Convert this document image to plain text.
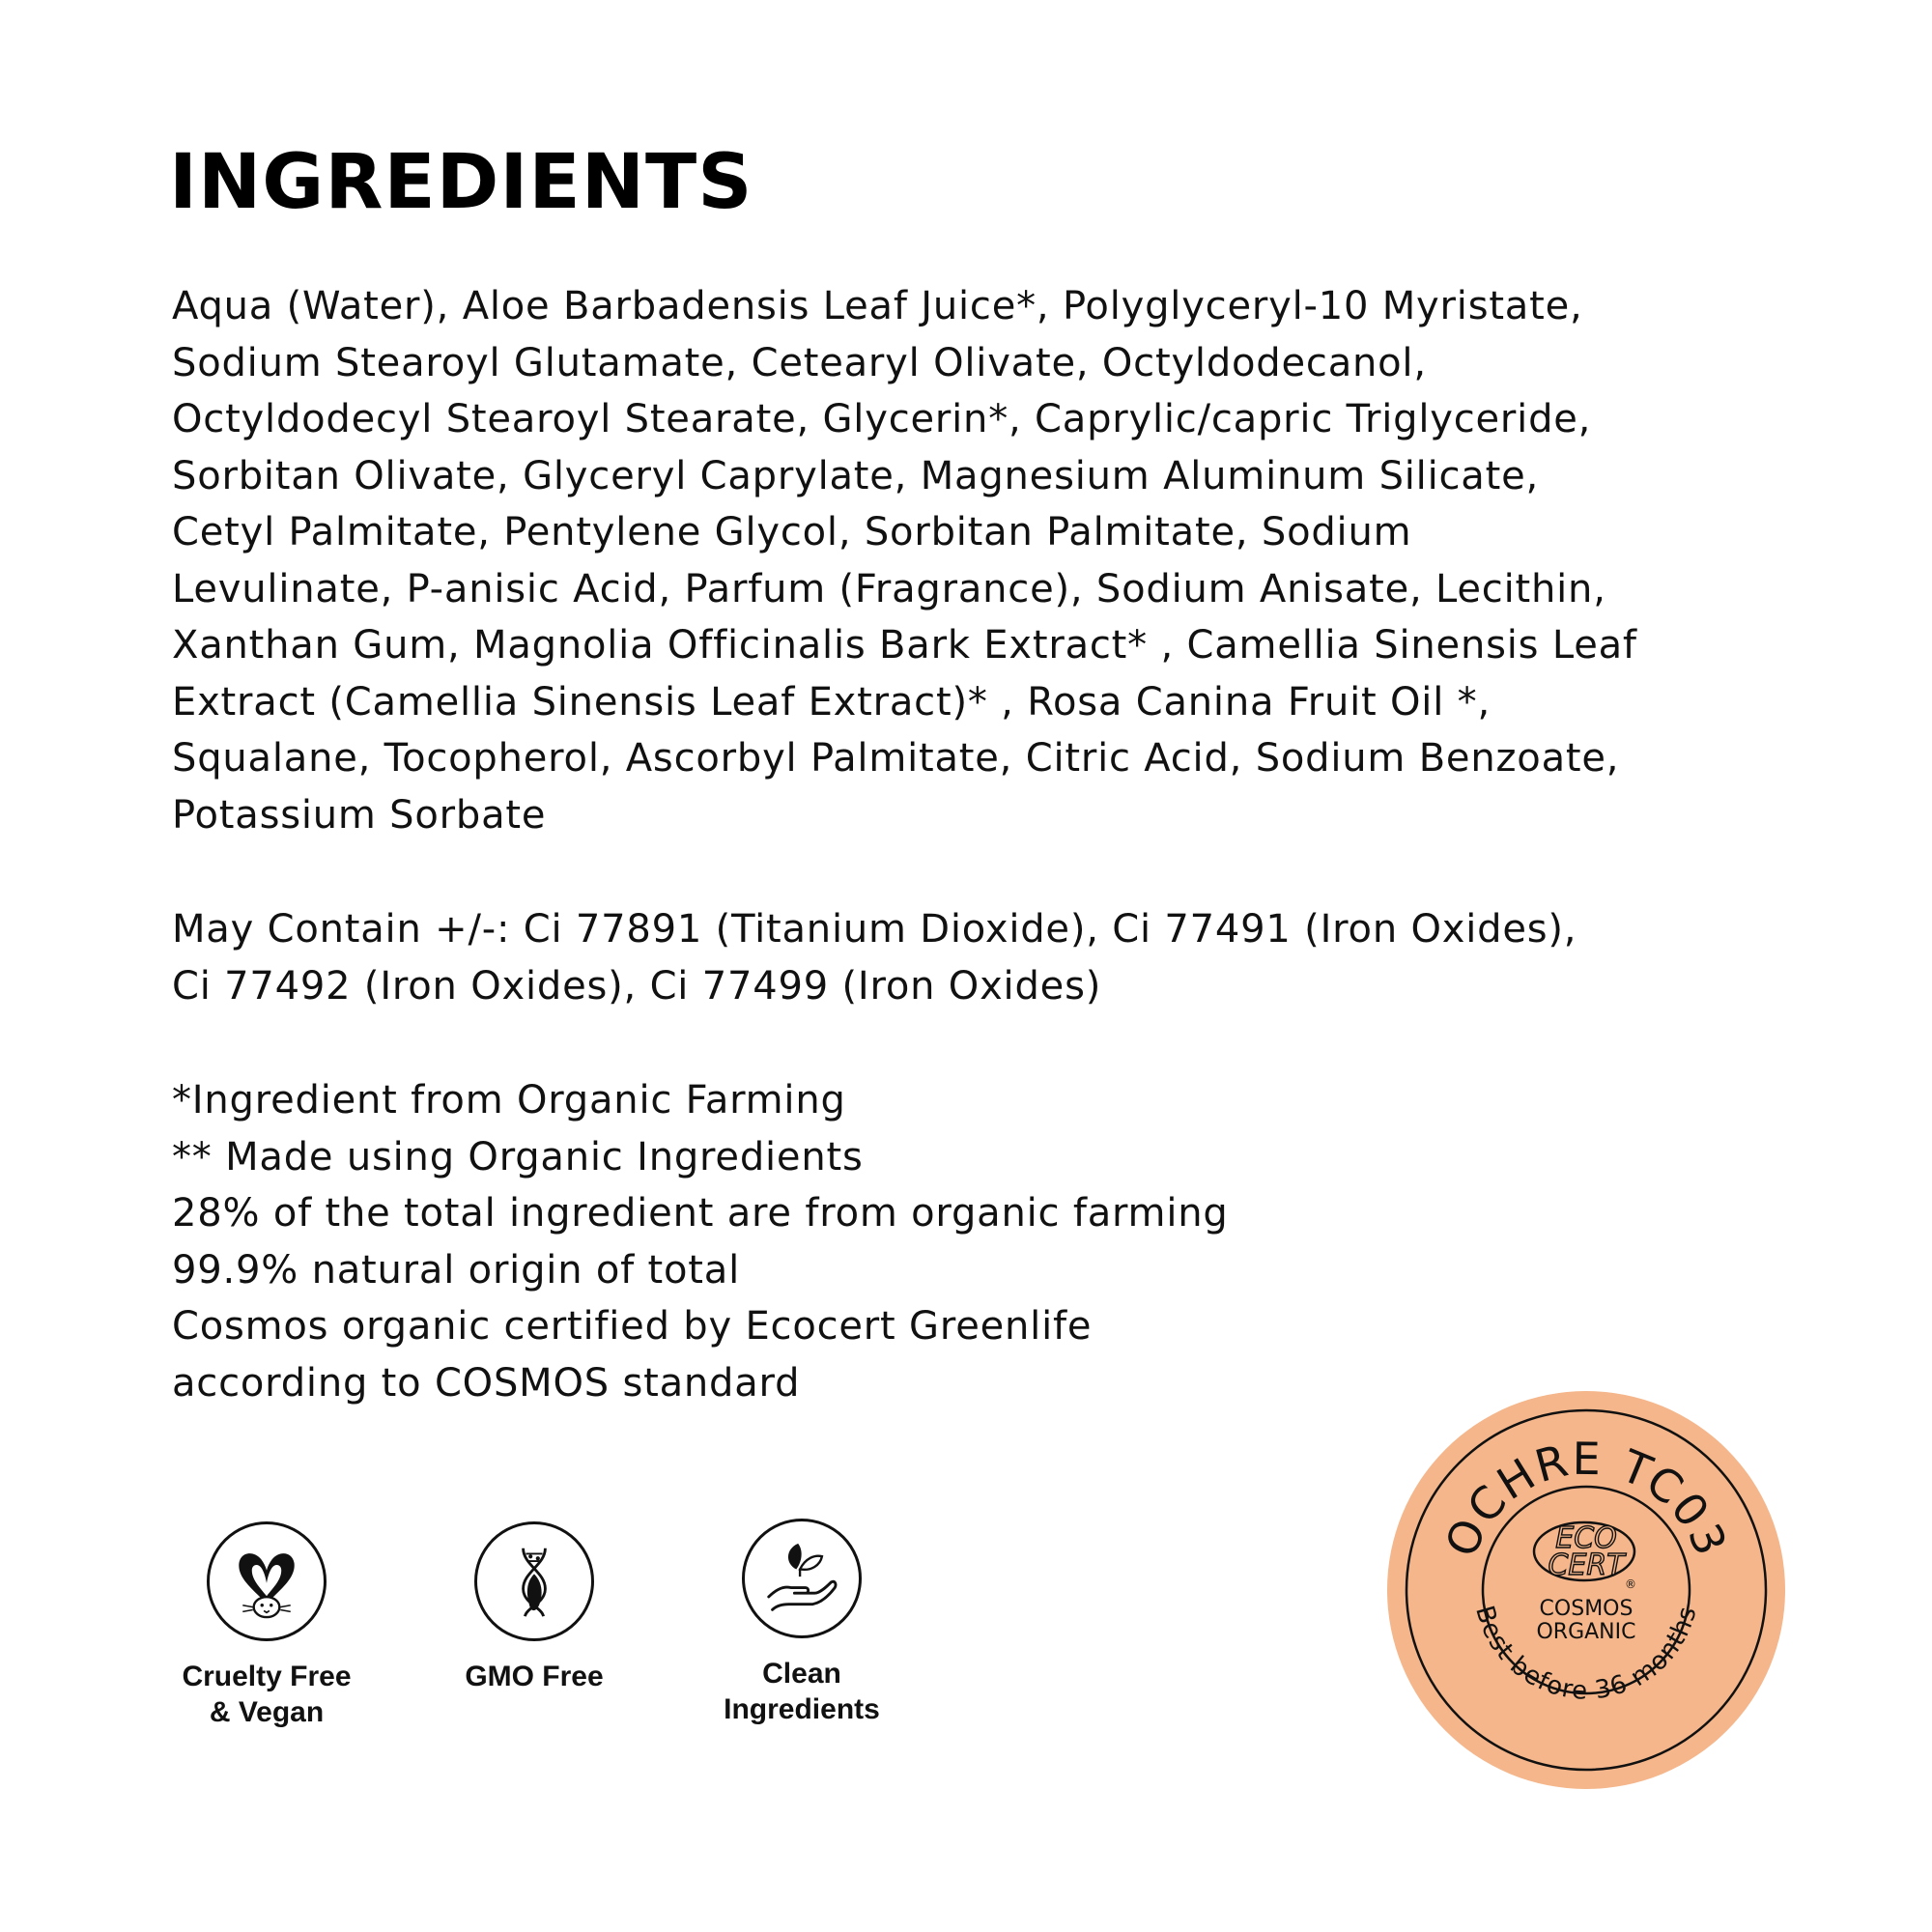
INGREDIENTS

Aqua (Water), Aloe Barbadensis Leaf Juice*, Polyglyceryl-10 Myristate,
Sodium Stearoyl Glutamate, Cetearyl Olivate, Octyldodecanol,
Octyldodecyl Stearoyl Stearate, Glycerin*, Caprylic/capric Triglyceride,
Sorbitan Olivate, Glyceryl Caprylate, Magnesium Aluminum Silicate,
Cetyl Palmitate, Pentylene Glycol, Sorbitan Palmitate, Sodium
Levulinate, P-anisic Acid, Parfum (Fragrance), Sodium Anisate, Lecithin,
Xanthan Gum, Magnolia Officinalis Bark Extract* , Camellia Sinensis Leaf
Extract (Camellia Sinensis Leaf Extract)* , Rosa Canina Fruit Oil *,
Squalane, Tocopherol, Ascorbyl Palmitate, Citric Acid, Sodium Benzoate,
Potassium Sorbate

May Contain +/-: Ci 77891 (Titanium Dioxide), Ci 77491 (Iron Oxides),
Ci 77492 (Iron Oxides), Ci 77499 (Iron Oxides)

*Ingredient from Organic Farming
** Made using Organic Ingredients
28% of the total ingredient are from organic farming
99.9% natural origin of total
Cosmos organic certified by Ecocert Greenlife
according to COSMOS standard

Cruelty Free
& Vegan
GMO Free	Clean
Ingredients
OCHRE TC03
ECO
CERT
®
COSMOS
ORGANIC
Best before 36 months
